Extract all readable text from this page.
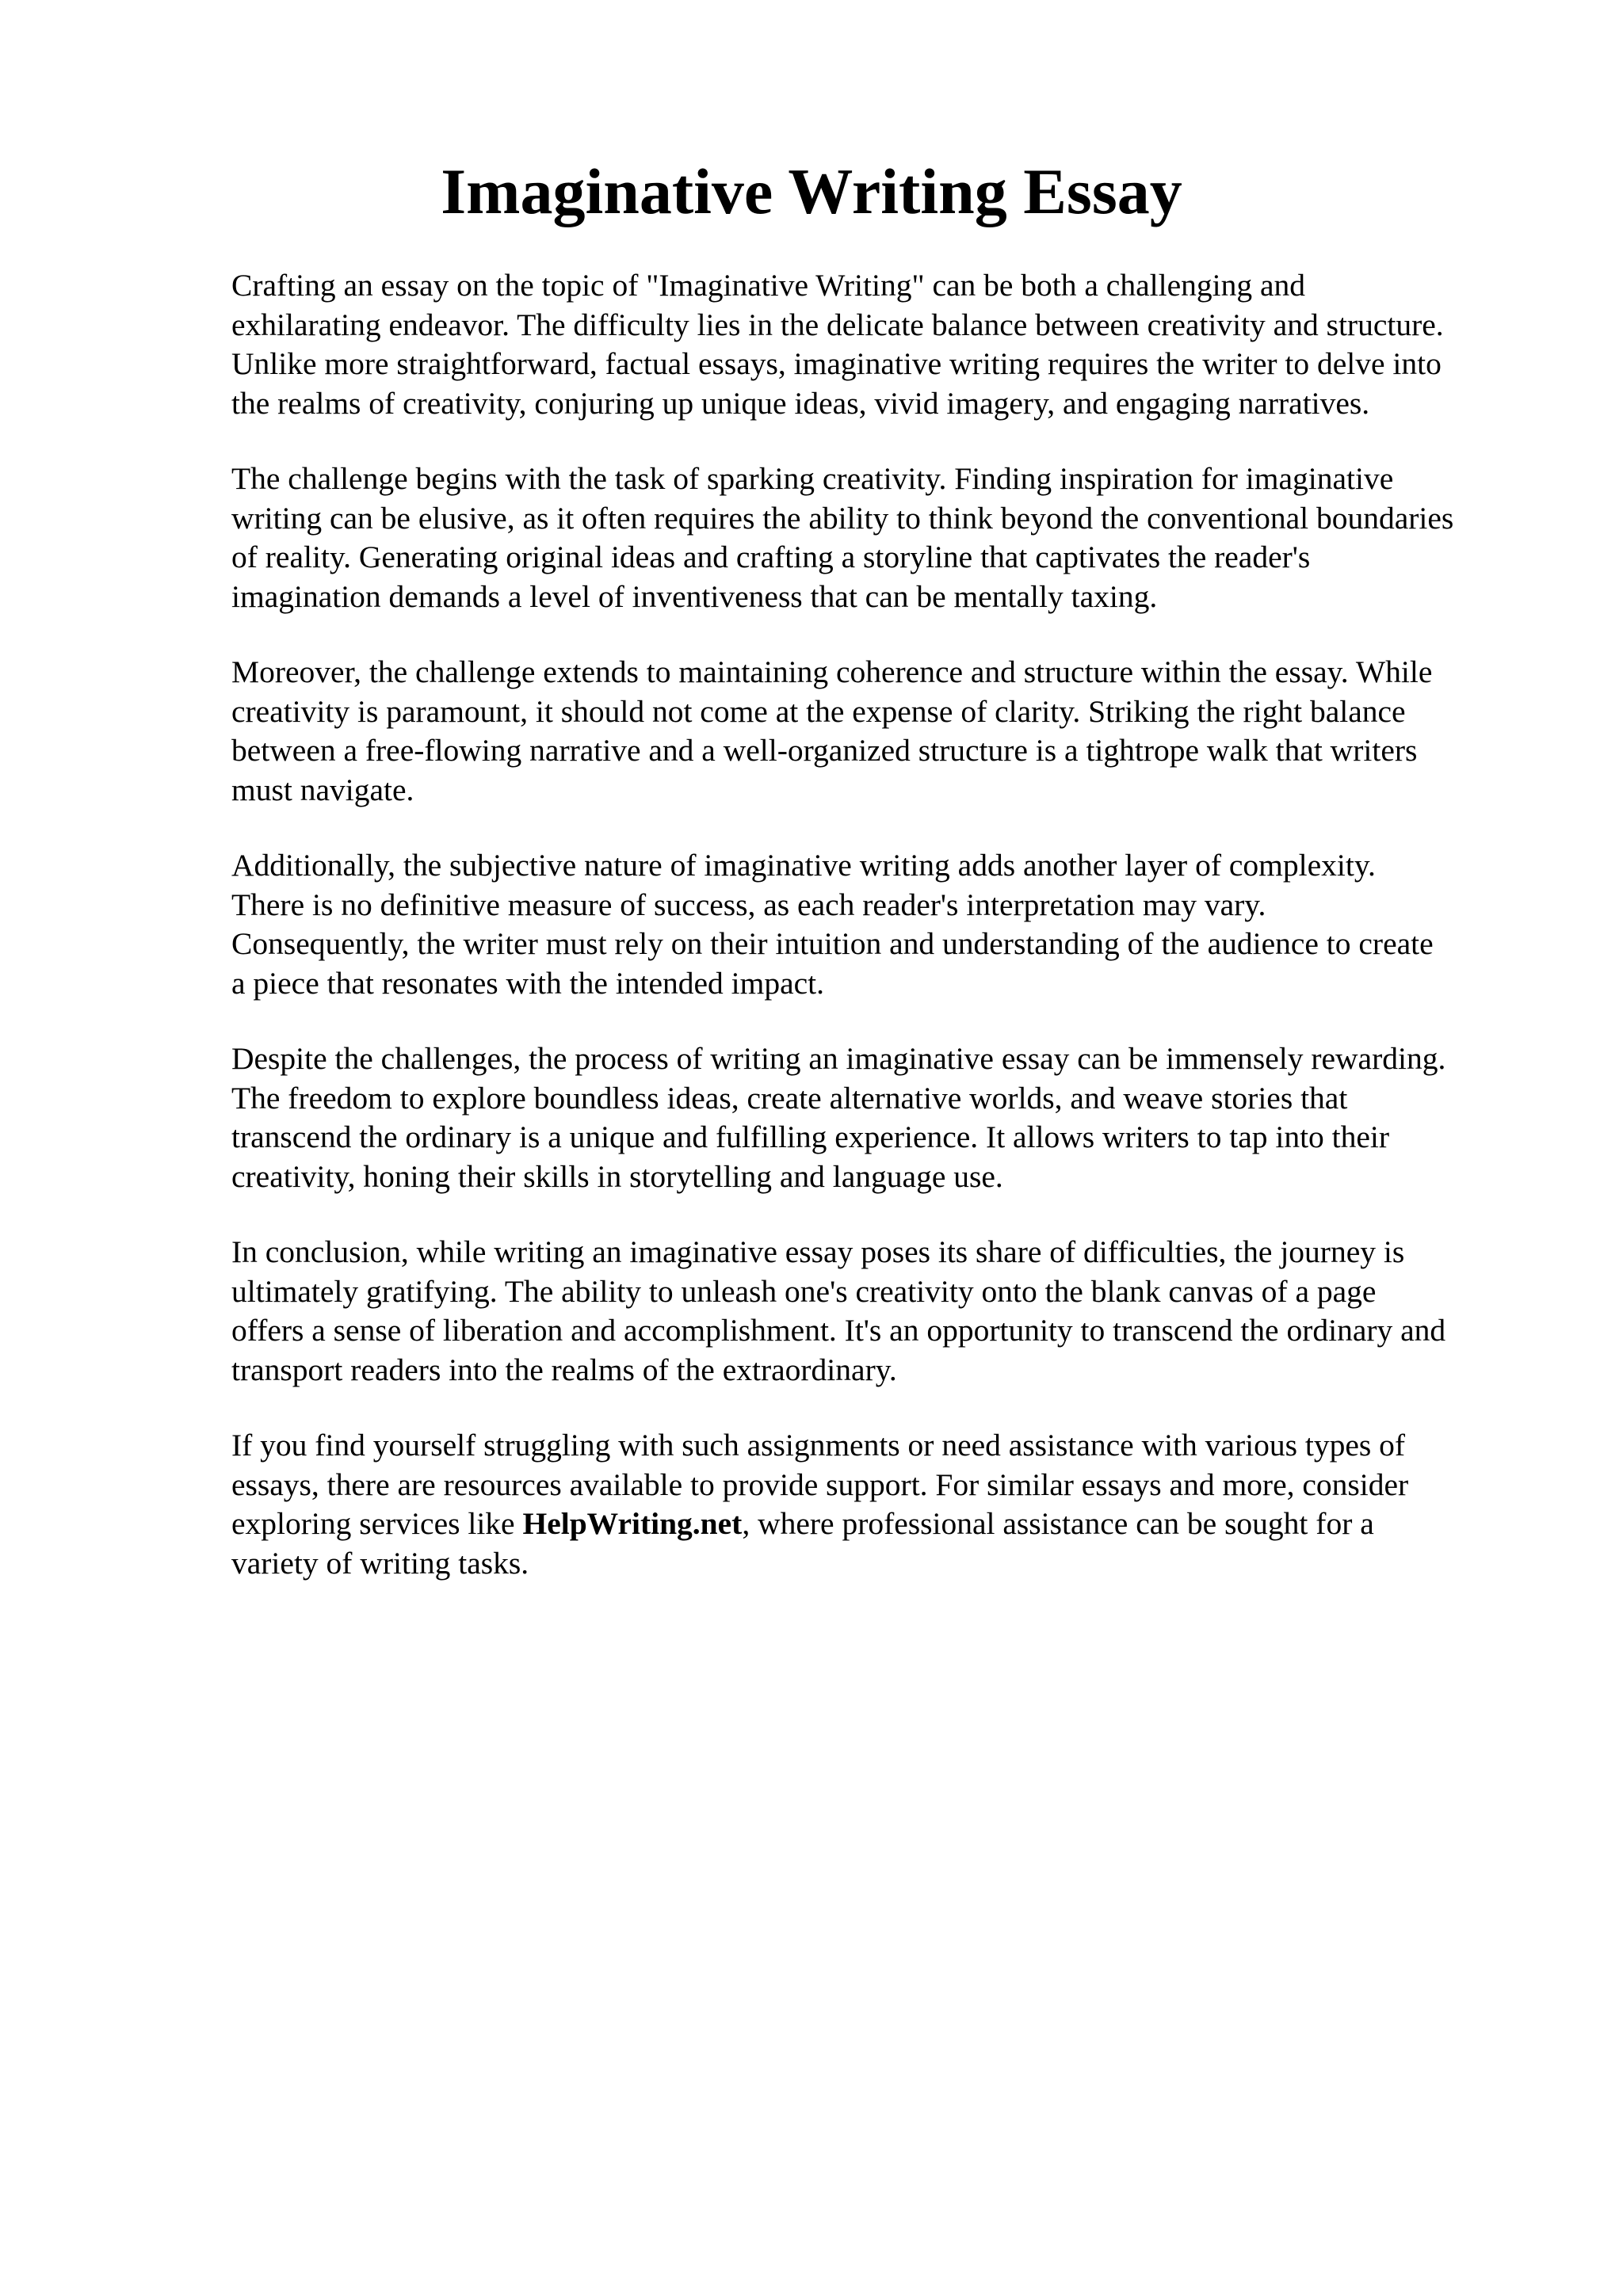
Imaginative Writing Essay

Crafting an essay on the topic of "Imaginative Writing" can be both a challenging and
exhilarating endeavor. The difficulty lies in the delicate balance between creativity and structure.
Unlike more straightforward, factual essays, imaginative writing requires the writer to delve into
the realms of creativity, conjuring up unique ideas, vivid imagery, and engaging narratives.

The challenge begins with the task of sparking creativity. Finding inspiration for imaginative
writing can be elusive, as it often requires the ability to think beyond the conventional boundaries
of reality. Generating original ideas and crafting a storyline that captivates the reader's
imagination demands a level of inventiveness that can be mentally taxing.

Moreover, the challenge extends to maintaining coherence and structure within the essay. While
creativity is paramount, it should not come at the expense of clarity. Striking the right balance
between a free-flowing narrative and a well-organized structure is a tightrope walk that writers
must navigate.

Additionally, the subjective nature of imaginative writing adds another layer of complexity.
There is no definitive measure of success, as each reader's interpretation may vary.
Consequently, the writer must rely on their intuition and understanding of the audience to create
a piece that resonates with the intended impact.

Despite the challenges, the process of writing an imaginative essay can be immensely rewarding.
The freedom to explore boundless ideas, create alternative worlds, and weave stories that
transcend the ordinary is a unique and fulfilling experience. It allows writers to tap into their
creativity, honing their skills in storytelling and language use.

In conclusion, while writing an imaginative essay poses its share of difficulties, the journey is
ultimately gratifying. The ability to unleash one's creativity onto the blank canvas of a page
offers a sense of liberation and accomplishment. It's an opportunity to transcend the ordinary and
transport readers into the realms of the extraordinary.

If you find yourself struggling with such assignments or need assistance with various types of
essays, there are resources available to provide support. For similar essays and more, consider
exploring services like HelpWriting.net, where professional assistance can be sought for a
variety of writing tasks.
